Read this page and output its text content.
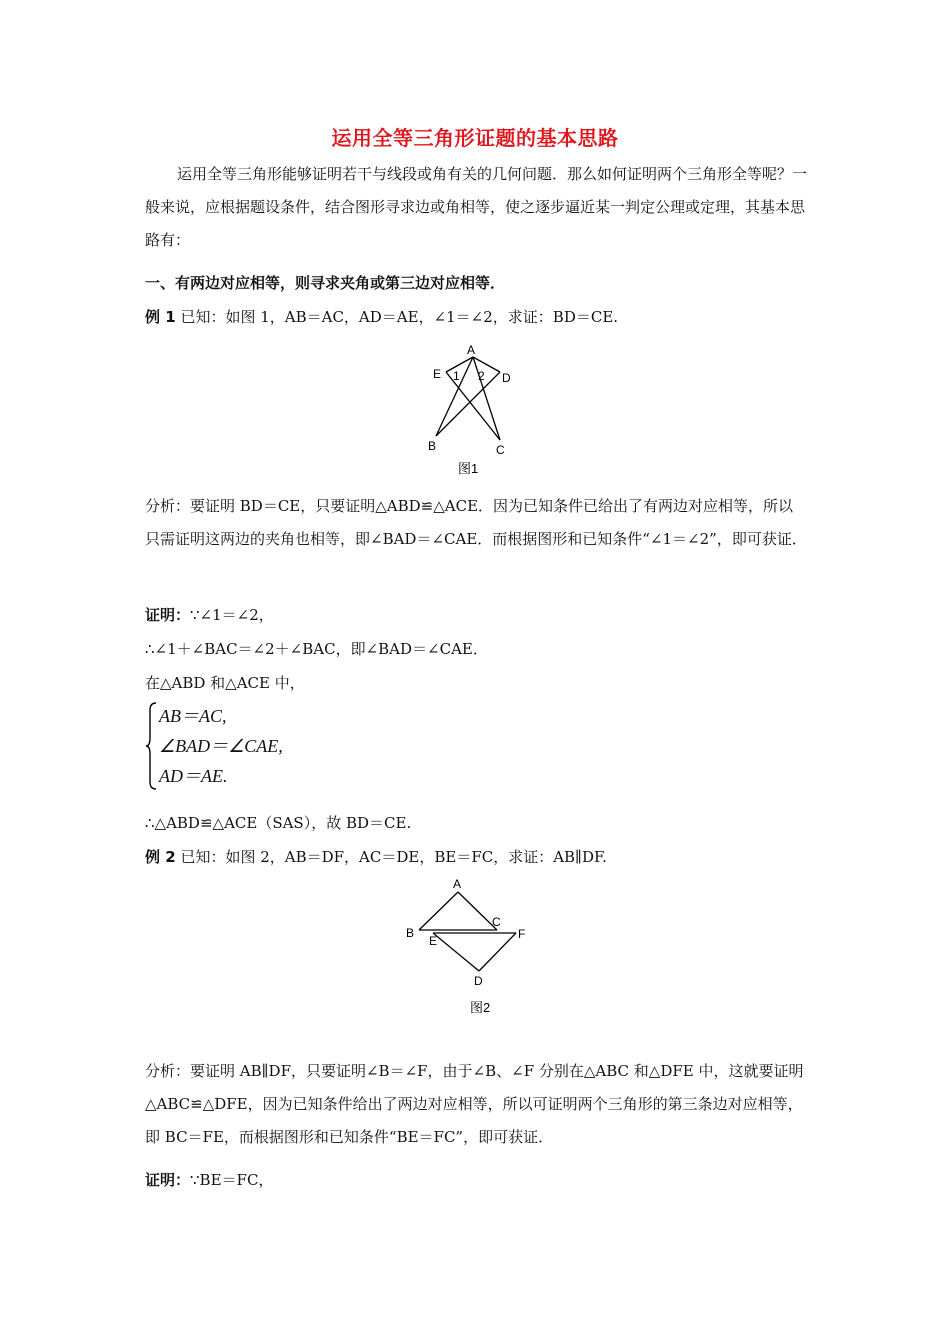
运用全等三角形证题的基本思路
运用全等三角形能够证明若干与线段或角有关的几何问题．那么如何证明两个三角形全等呢？一般来说，应根据题设条件，结合图形寻求边或角相等，使之逐步逼近某一判定公理或定理，其基本思路有：
一、有两边对应相等，则寻求夹角或第三边对应相等．
例 1 已知：如图 1，AB＝AC，AD＝AE，∠1＝∠2，求证：BD＝CE.
A
E	D
B	C
1 2
图1
分析：要证明 BD＝CE，只要证明△ABD≌△ACE．因为已知条件已给出了有两边对应相等，所以只需证明这两边的夹角也相等，即∠BAD＝∠CAE．而根据图形和已知条件“∠1＝∠2”，即可获证．
证明：∵∠1＝∠2，
∴∠1＋∠BAC＝∠2＋∠BAC，即∠BAD＝∠CAE．
在△ABD 和△ACE 中，
AB＝AC,
∠BAD＝∠CAE,
AD＝AE.
∴△ABD≌△ACE（SAS），故 BD＝CE.
例 2 已知：如图 2，AB＝DF，AC＝DE，BE＝FC，求证：AB∥DF.
A
B
E
C
F
D
图2
分析：要证明 AB∥DF，只要证明∠B＝∠F，由于∠B、∠F 分别在△ABC 和△DFE 中，这就要证明△ABC≌△DFE，因为已知条件给出了两边对应相等，所以可证明两个三角形的第三条边对应相等，即 BC＝FE，而根据图形和已知条件“BE＝FC”，即可获证．
证明：∵BE＝FC，
